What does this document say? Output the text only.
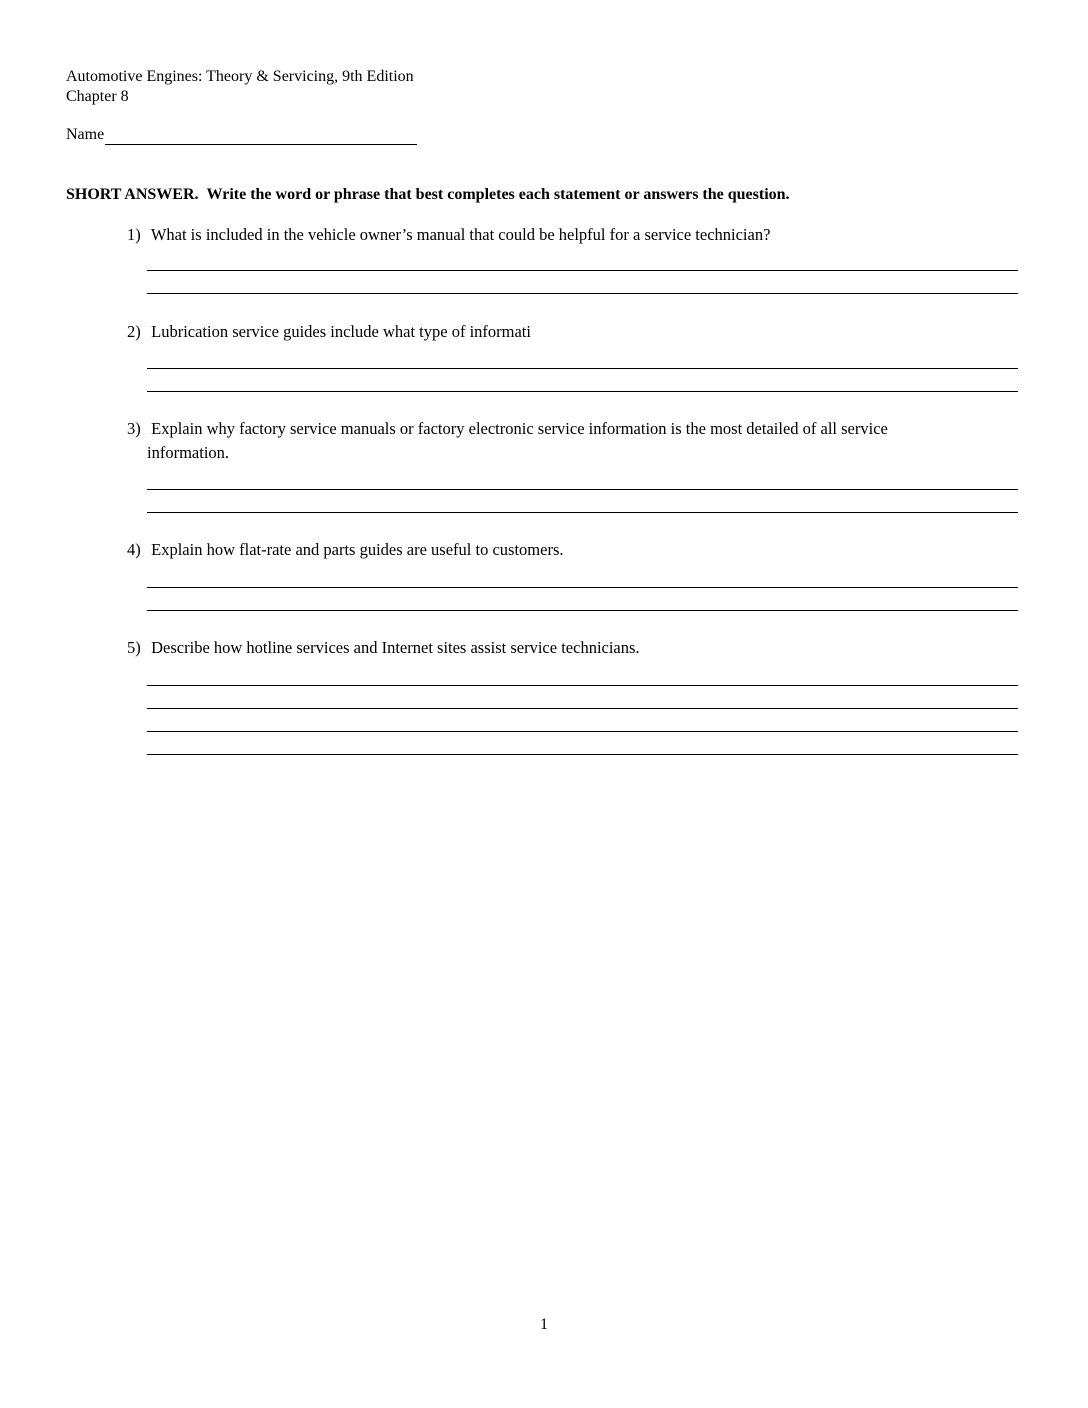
Automotive Engines: Theory & Servicing, 9th Edition
Chapter 8
Name
SHORT ANSWER. Write the word or phrase that best completes each statement or answers the question.
1) What is included in the vehicle owner’s manual that could be helpful for a service technician?
2) Lubrication service guides include what type of informati
3) Explain why factory service manuals or factory electronic service information is the most detailed of all service
information.
4) Explain how flat-rate and parts guides are useful to customers.
5) Describe how hotline services and Internet sites assist service technicians.
1
